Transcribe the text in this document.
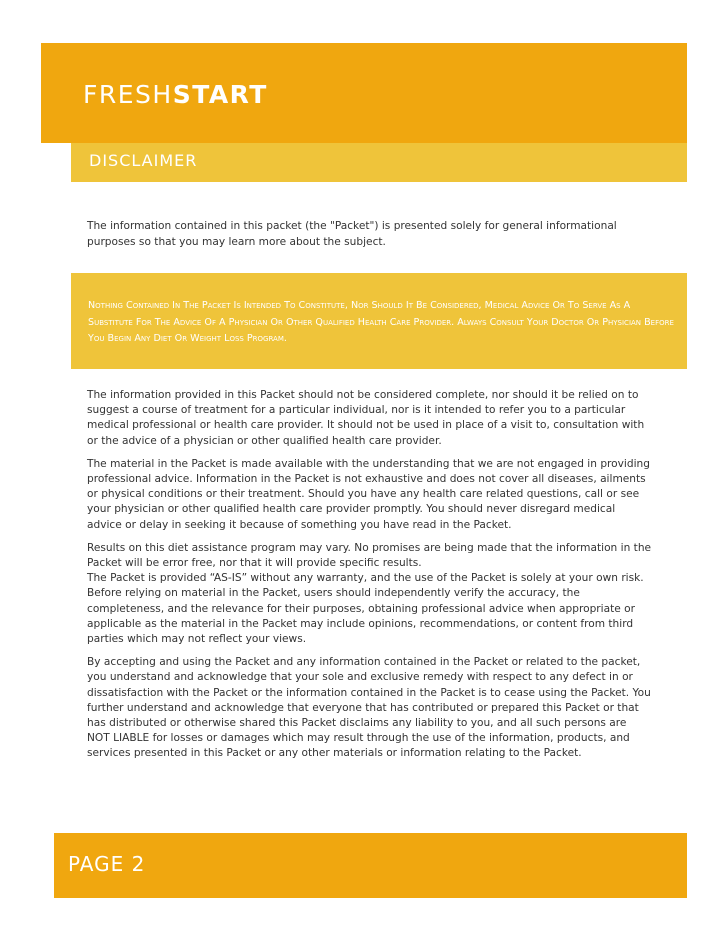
FRESHSTART
DISCLAIMER

The information contained in this packet (the "Packet") is presented solely for general informational purposes so that you may learn more about the subject.

Nothing Contained In The Packet Is Intended To Constitute, Nor Should It Be Considered, Medical Advice Or To Serve As A Substitute For The Advice Of A Physician Or Other Qualified Health Care Provider. Always Consult Your Doctor Or Physician Before You Begin Any Diet Or Weight Loss Program.

The information provided in this Packet should not be considered complete, nor should it be relied on to suggest a course of treatment for a particular individual, nor is it intended to refer you to a particular medical professional or health care provider. It should not be used in place of a visit to, consultation with or the advice of a physician or other qualified health care provider.

The material in the Packet is made available with the understanding that we are not engaged in providing professional advice. Information in the Packet is not exhaustive and does not cover all diseases, ailments or physical conditions or their treatment. Should you have any health care related questions, call or see your physician or other qualified health care provider promptly. You should never disregard medical advice or delay in seeking it because of something you have read in the Packet.

Results on this diet assistance program may vary. No promises are being made that the information in the Packet will be error free, nor that it will provide specific results.

The Packet is provided “AS-IS” without any warranty, and the use of the Packet is solely at your own risk. Before relying on material in the Packet, users should independently verify the accuracy, the completeness, and the relevance for their purposes, obtaining professional advice when appropriate or applicable as the material in the Packet may include opinions, recommendations, or content from third parties which may not reflect your views.

By accepting and using the Packet and any information contained in the Packet or related to the packet, you understand and acknowledge that your sole and exclusive remedy with respect to any defect in or dissatisfaction with the Packet or the information contained in the Packet is to cease using the Packet. You further understand and acknowledge that everyone that has contributed or prepared this Packet or that has distributed or otherwise shared this Packet disclaims any liability to you, and all such persons are NOT LIABLE for losses or damages which may result through the use of the information, products, and services presented in this Packet or any other materials or information relating to the Packet.

PAGE 2
